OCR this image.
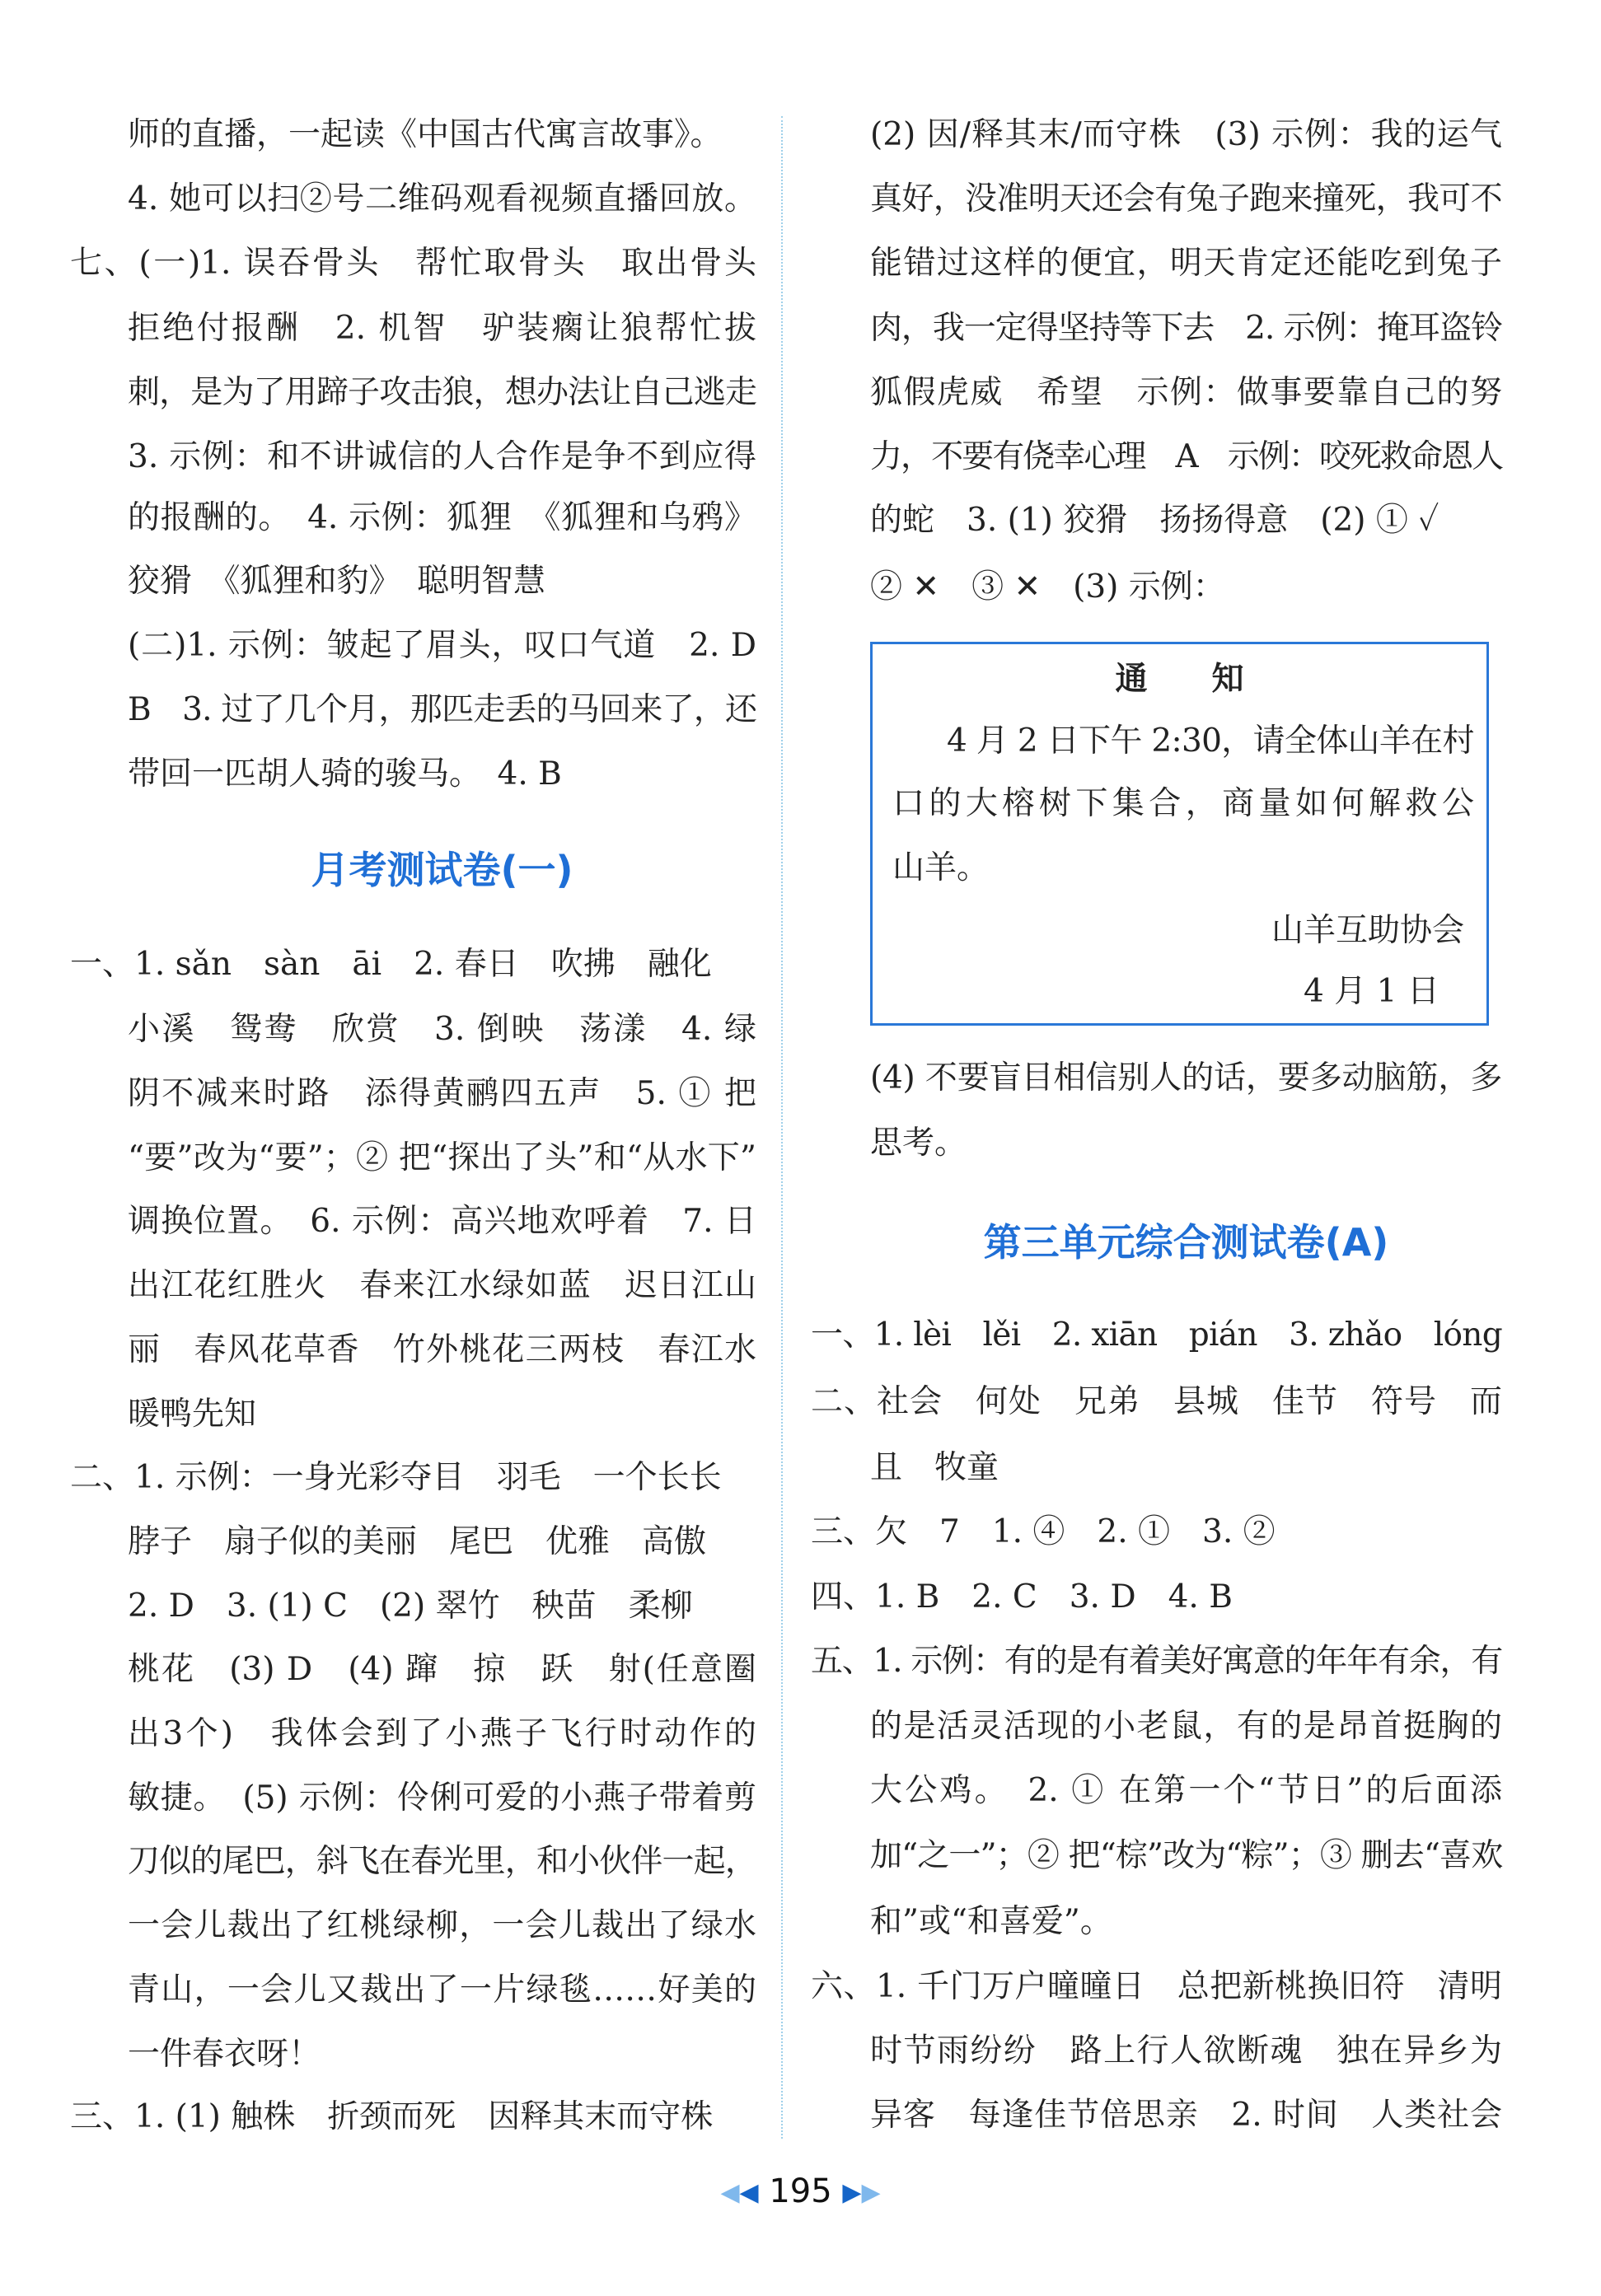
月考测试卷(一)
第三单元综合测试卷(A)
通　　知
4 月 2 日下午 2:30，请全体山羊在村
口的大榕树下集合，商量如何解救公
山羊。
山羊互助协会
4 月 1 日
师的直播，一起读《中国古代寓言故事》。
4. 她可以扫②号二维码观看视频直播回放。
七、(一)1. 误吞骨头　帮忙取骨头　取出骨头
拒绝付报酬　2. 机智　驴装瘸让狼帮忙拔
刺，是为了用蹄子攻击狼，想办法让自己逃走
3. 示例：和不讲诚信的人合作是争不到应得
的报酬的。　4. 示例：狐狸　《狐狸和乌鸦》
狡猾　《狐狸和豹》　聪明智慧
(二)1. 示例：皱起了眉头，叹口气道　2. D
B　3. 过了几个月，那匹走丢的马回来了，还
带回一匹胡人骑的骏马。　4. B
一、1. sǎn　sàn　āi　2. 春日　吹拂　融化
小溪　鸳鸯　欣赏　3. 倒映　荡漾　4. 绿
阴不减来时路　添得黄鹂四五声　5. ① 把
“要”改为“要”；② 把“探出了头”和“从水下”
调换位置。　6. 示例：高兴地欢呼着　7. 日
出江花红胜火　春来江水绿如蓝　迟日江山
丽　春风花草香　竹外桃花三两枝　春江水
暖鸭先知
二、1. 示例：一身光彩夺目　羽毛　一个长长
脖子　扇子似的美丽　尾巴　优雅　高傲
2. D　3. (1) C　(2) 翠竹　秧苗　柔柳
桃花　(3) D　(4) 蹿　掠　跃　射(任意圈
出3个)　我体会到了小燕子飞行时动作的
敏捷。　(5) 示例：伶俐可爱的小燕子带着剪
刀似的尾巴，斜飞在春光里，和小伙伴一起，
一会儿裁出了红桃绿柳，一会儿裁出了绿水
青山，一会儿又裁出了一片绿毯……好美的
一件春衣呀！
三、1. (1) 触株　折颈而死　因释其末而守株
(2) 因/释其末/而守株　(3) 示例：我的运气
真好，没准明天还会有兔子跑来撞死，我可不
能错过这样的便宜，明天肯定还能吃到兔子
肉，我一定得坚持等下去　2. 示例：掩耳盗铃
狐假虎威　希望　示例：做事要靠自己的努
力，不要有侥幸心理　A　示例：咬死救命恩人
的蛇　3. (1) 狡猾　扬扬得意　(2) ① ✓
② ✕　③ ✕　(3) 示例：
(4) 不要盲目相信别人的话，要多动脑筋，多
思考。
一、1. lèi　lěi　2. xiān　pián　3. zhǎo　lóng
二、社会　何处　兄弟　县城　佳节　符号　而
且　牧童
三、欠　7　1. ④　2. ①　3. ②
四、1. B　2. C　3. D　4. B
五、1. 示例：有的是有着美好寓意的年年有余，有
的是活灵活现的小老鼠，有的是昂首挺胸的
大公鸡。　2. ① 在第一个“节日”的后面添
加“之一”；② 把“棕”改为“粽”；③ 删去“喜欢
和”或“和喜爱”。
六、1. 千门万户曈曈日　总把新桃换旧符　清明
时节雨纷纷　路上行人欲断魂　独在异乡为
异客　每逢佳节倍思亲　2. 时间　人类社会
◀◀ 195 ▶▶
